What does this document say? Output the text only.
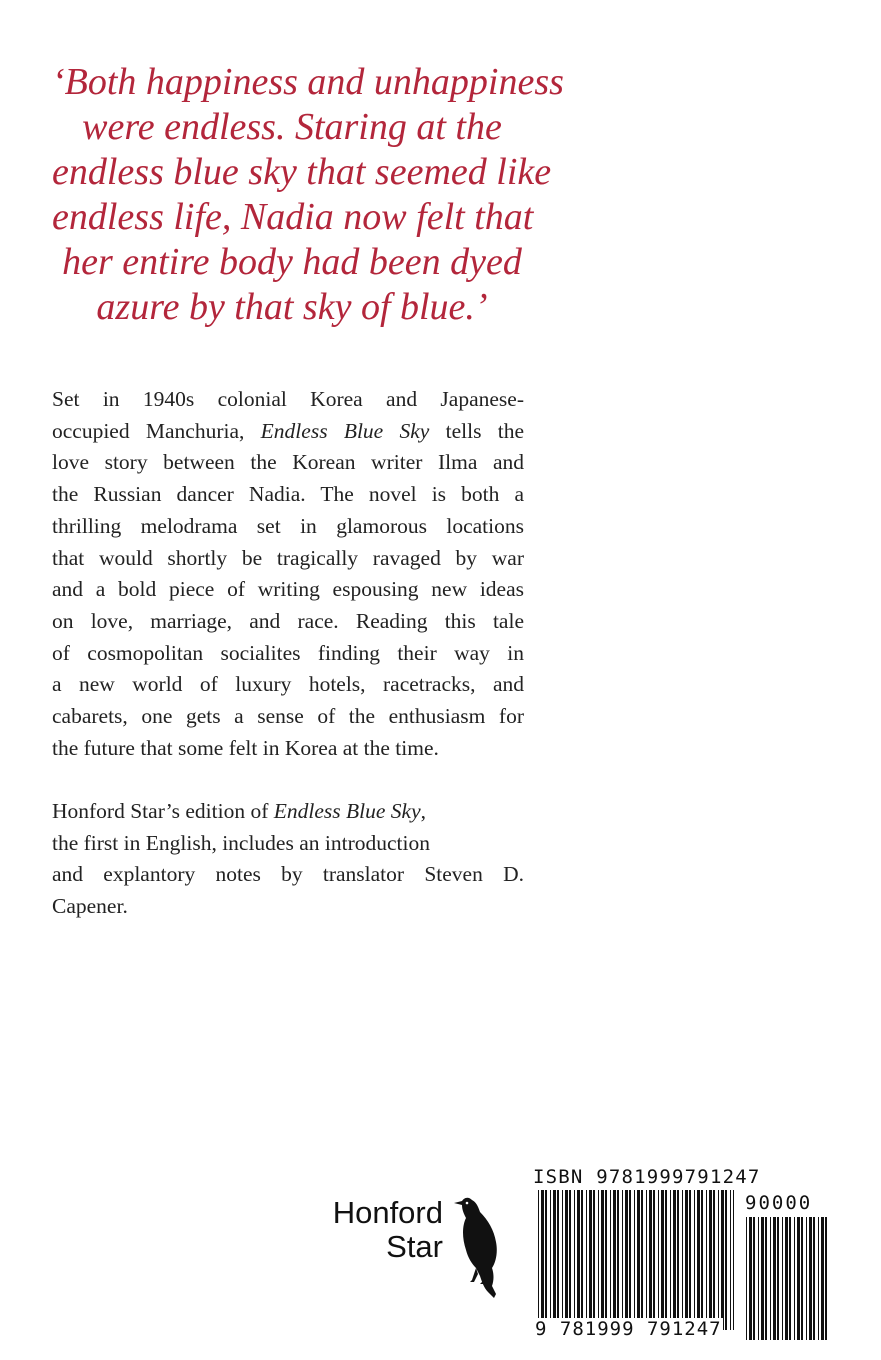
‘Both happiness and unhappiness
were endless. Staring at the
endless blue sky that seemed like
endless life, Nadia now felt that
her entire body had been dyed
azure by that sky of blue.’
Set in 1940s colonial Korea and Japanese-
occupied Manchuria, Endless Blue Sky tells the
love story between the Korean writer Ilma and
the Russian dancer Nadia. The novel is both a
thrilling melodrama set in glamorous locations
that would shortly be tragically ravaged by war
and a bold piece of writing espousing new ideas
on love, marriage, and race. Reading this tale
of cosmopolitan socialites finding their way in
a new world of luxury hotels, racetracks, and
cabarets, one gets a sense of the enthusiasm for
the future that some felt in Korea at the time.
Honford Star’s edition of Endless Blue Sky,
the first in English, includes an introduction
and explantory notes by translator Steven D.
Capener.
Honford
Star
ISBN 9781999791247
9 781999 791247
90000
